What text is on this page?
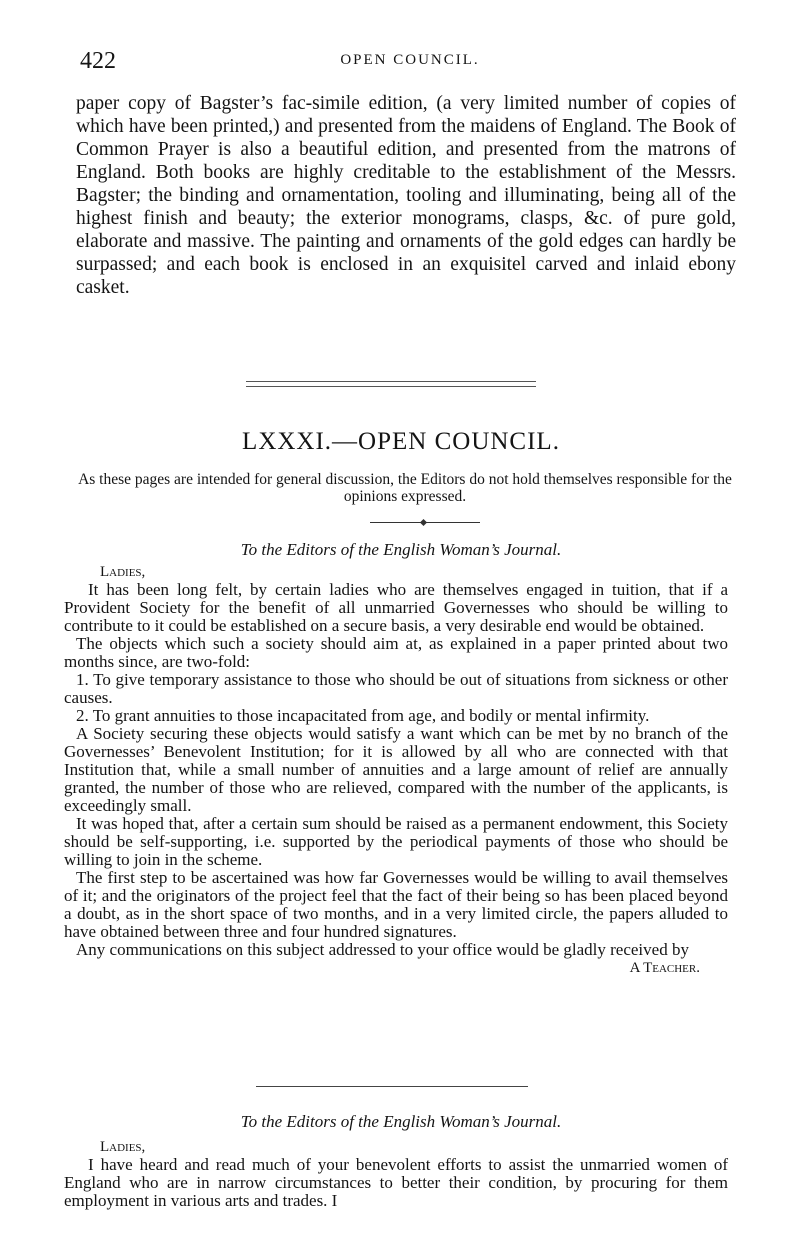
422	OPEN COUNCIL.

paper copy of Bagster’s fac-simile edition, (a very limited number of copies of which have been printed,) and presented from the maidens of England. The Book of Common Prayer is also a beautiful edition, and presented from the matrons of England. Both books are highly creditable to the establishment of the Messrs. Bagster; the binding and ornamentation, tooling and illuminating, being all of the highest finish and beauty; the exterior monograms, clasps, &c. of pure gold, elaborate and massive. The painting and ornaments of the gold edges can hardly be surpassed; and each book is enclosed in an exquisitel carved and inlaid ebony casket.

LXXXI.—OPEN COUNCIL.
As these pages are intended for general discussion, the Editors do not hold themselves responsible for the opinions expressed.
To the Editors of the English Woman’s Journal.

Ladies,

It has been long felt, by certain ladies who are themselves engaged in tuition, that if a Provident Society for the benefit of all unmarried Governesses who should be willing to contribute to it could be established on a secure basis, a very desirable end would be obtained.

The objects which such a society should aim at, as explained in a paper printed about two months since, are two-fold:

1. To give temporary assistance to those who should be out of situations from sickness or other causes.

2. To grant annuities to those incapacitated from age, and bodily or mental infirmity.

A Society securing these objects would satisfy a want which can be met by no branch of the Governesses’ Benevolent Institution; for it is allowed by all who are connected with that Institution that, while a small number of annuities and a large amount of relief are annually granted, the number of those who are relieved, compared with the number of the applicants, is exceedingly small.

It was hoped that, after a certain sum should be raised as a permanent endowment, this Society should be self-supporting, i.e. supported by the periodical payments of those who should be willing to join in the scheme.

The first step to be ascertained was how far Governesses would be willing to avail themselves of it; and the originators of the project feel that the fact of their being so has been placed beyond a doubt, as in the short space of two months, and in a very limited circle, the papers alluded to have obtained between three and four hundred signatures.

Any communications on this subject addressed to your office would be gladly received by

A Teacher.
To the Editors of the English Woman’s Journal.

Ladies,

I have heard and read much of your benevolent efforts to assist the unmarried women of England who are in narrow circumstances to better their condition, by procuring for them employment in various arts and trades. I
